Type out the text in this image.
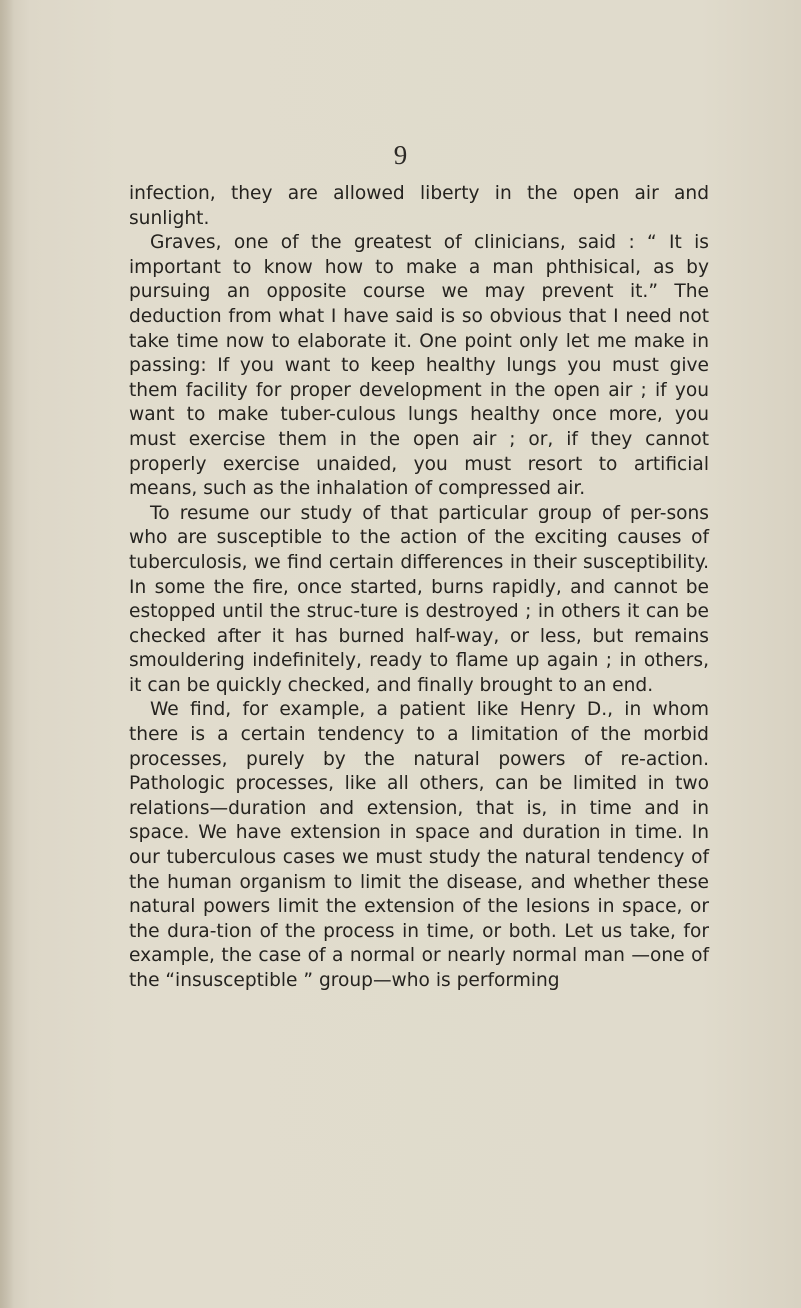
9

infection, they are allowed liberty in the open air and sunlight.

Graves, one of the greatest of clinicians, said : “ It is important to know how to make a man phthisical, as by pursuing an opposite course we may prevent it.” The deduction from what I have said is so obvious that I need not take time now to elaborate it. One point only let me make in passing: If you want to keep healthy lungs you must give them facility for proper development in the open air ; if you want to make tuber-culous lungs healthy once more, you must exercise them in the open air ; or, if they cannot properly exercise unaided, you must resort to artificial means, such as the inhalation of compressed air.

To resume our study of that particular group of per-sons who are susceptible to the action of the exciting causes of tuberculosis, we find certain differences in their susceptibility. In some the fire, once started, burns rapidly, and cannot be estopped until the struc-ture is destroyed ; in others it can be checked after it has burned half-way, or less, but remains smouldering indefinitely, ready to flame up again ; in others, it can be quickly checked, and finally brought to an end.

We find, for example, a patient like Henry D., in whom there is a certain tendency to a limitation of the morbid processes, purely by the natural powers of re-action. Pathologic processes, like all others, can be limited in two relations—duration and extension, that is, in time and in space. We have extension in space and duration in time. In our tuberculous cases we must study the natural tendency of the human organism to limit the disease, and whether these natural powers limit the extension of the lesions in space, or the dura-tion of the process in time, or both. Let us take, for example, the case of a normal or nearly normal man —one of the “insusceptible ” group—who is performing
